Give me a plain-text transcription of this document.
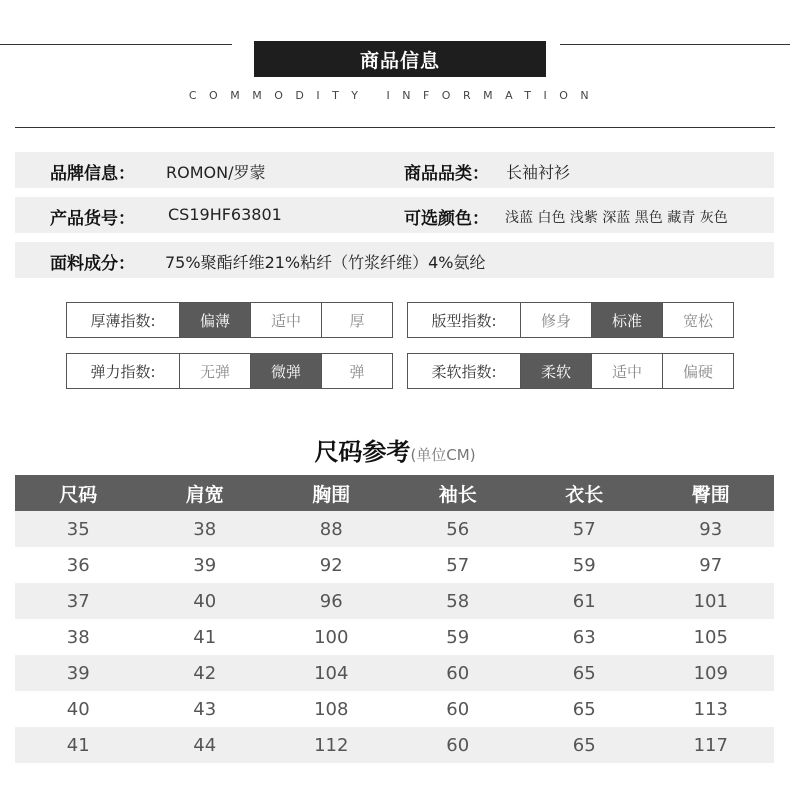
商品信息
COMMODITY INFORMATION
品牌信息： ROMON/罗蒙	商品品类： 长袖衬衫
产品货号： CS19HF63801	可选颜色： 浅蓝 白色 浅紫 深蓝 黑色 藏青 灰色
面料成分： 75%聚酯纤维21%粘纤（竹浆纤维）4%氨纶
厚薄指数:	偏薄	适中	厚	版型指数:	修身	标准	宽松
弹力指数:	无弹	微弹	弹	柔软指数:	柔软	适中	偏硬
尺码参考(单位CM)
尺码	肩宽	胸围	袖长	衣长	臀围
35	38	88	56	57	93
36	39	92	57	59	97
37	40	96	58	61	101
38	41	100	59	63	105
39	42	104	60	65	109
40	43	108	60	65	113
41	44	112	60	65	117
